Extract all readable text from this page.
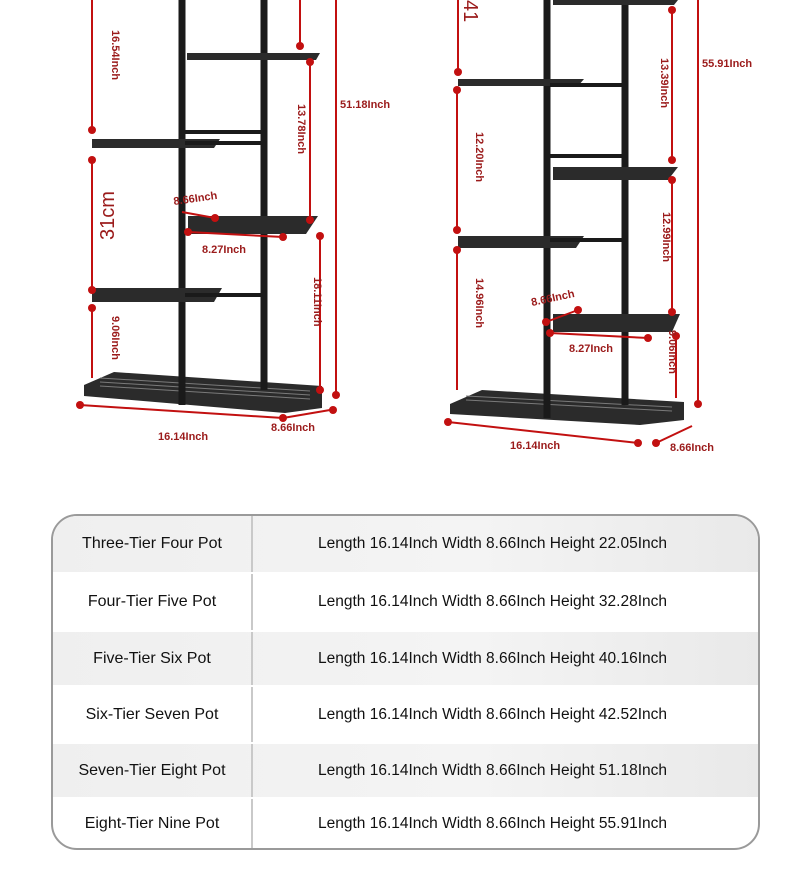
16.54Inch
51.18Inch
13.78Inch
31cm	8.66Inch
8.27Inch
18.11Inch
9.06Inch
16.14Inch
8.66Inch
41
55.91Inch
13.39Inch
12.20Inch
12.99Inch
14.96Inch	8.66Inch
8.27Inch	9.06Inch
16.14Inch	8.66Inch
Three-Tier Four Pot	Length 16.14Inch Width 8.66Inch Height 22.05Inch
Four-Tier Five Pot	Length 16.14Inch Width 8.66Inch Height 32.28Inch
Five-Tier Six Pot	Length 16.14Inch Width 8.66Inch Height 40.16Inch
Six-Tier Seven Pot	Length 16.14Inch Width 8.66Inch Height 42.52Inch
Seven-Tier Eight Pot	Length 16.14Inch Width 8.66Inch Height 51.18Inch
Eight-Tier Nine Pot	Length 16.14Inch Width 8.66Inch Height 55.91Inch
